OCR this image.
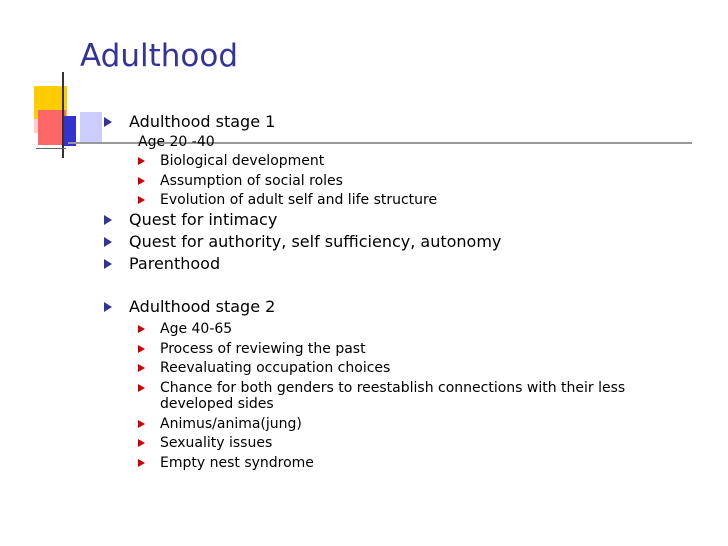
Adulthood
Adulthood stage 1
Age 20 -40
Biological development
Assumption of social roles
Evolution of adult self and life structure
Quest for intimacy
Quest for authority, self sufficiency, autonomy
Parenthood
Adulthood stage 2
Age 40-65
Process of reviewing the past
Reevaluating occupation choices
Chance for both genders to reestablish connections with their less
developed sides
Animus/anima(jung)
Sexuality issues
Empty nest syndrome
